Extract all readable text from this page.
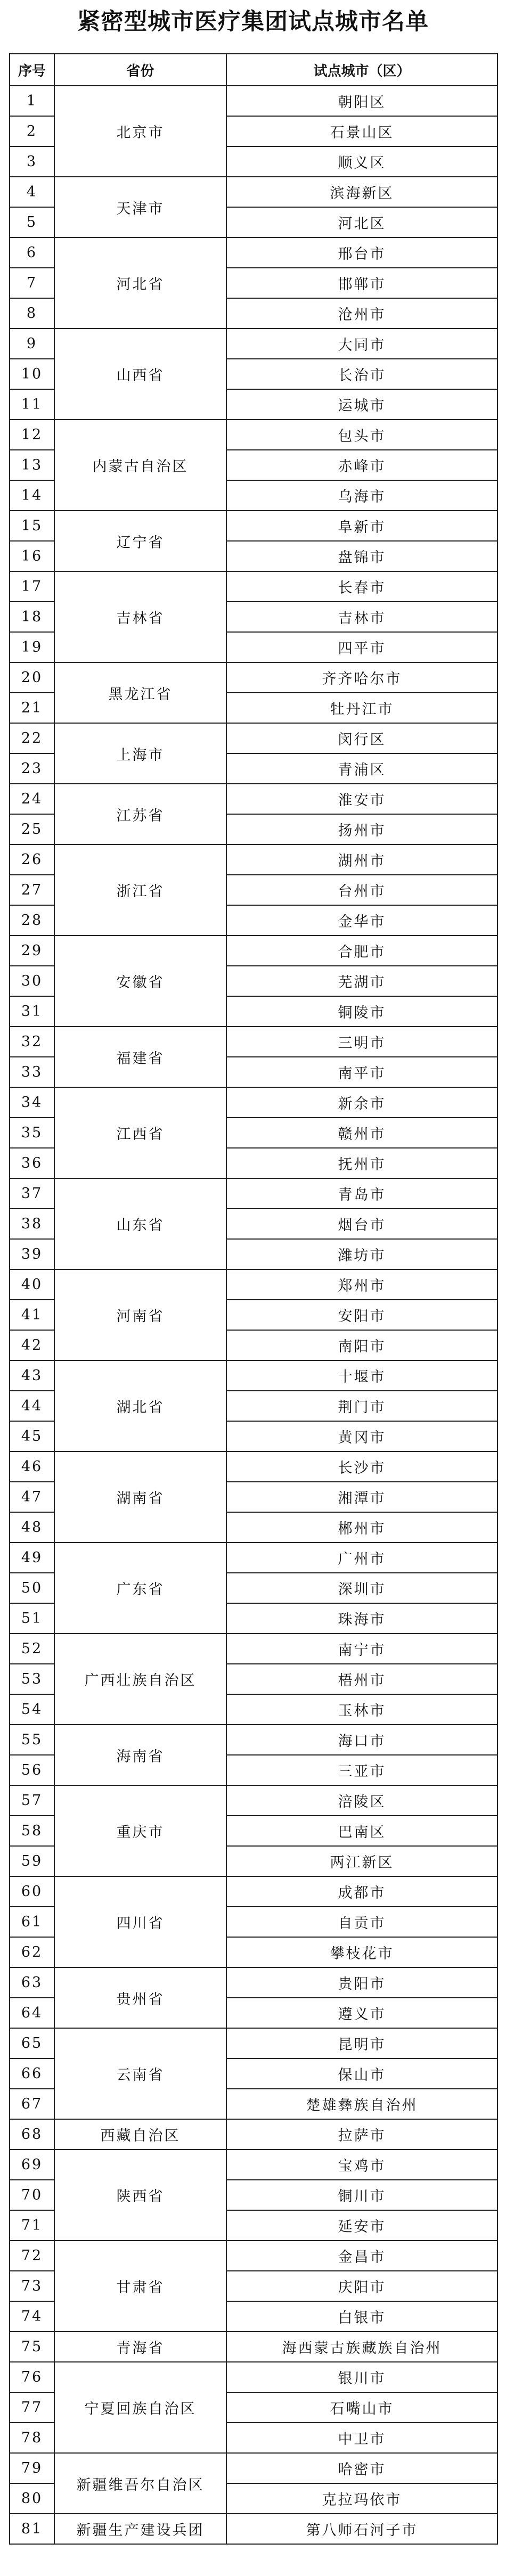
紧密型城市医疗集团试点城市名单
序号	省份	试点城市（区）
1	北京市	朝阳区
2		石景山区
3		顺义区
4	天津市	滨海新区
5		河北区
6	河北省	邢台市
7		邯郸市
8		沧州市
9	山西省	大同市
10		长治市
11		运城市
12	内蒙古自治区	包头市
13		赤峰市
14		乌海市
15	辽宁省	阜新市
16		盘锦市
17	吉林省	长春市
18		吉林市
19		四平市
20	黑龙江省	齐齐哈尔市
21		牡丹江市
22	上海市	闵行区
23		青浦区
24	江苏省	淮安市
25		扬州市
26	浙江省	湖州市
27		台州市
28		金华市
29	安徽省	合肥市
30		芜湖市
31		铜陵市
32	福建省	三明市
33		南平市
34	江西省	新余市
35		赣州市
36		抚州市
37	山东省	青岛市
38		烟台市
39		潍坊市
40	河南省	郑州市
41		安阳市
42		南阳市
43	湖北省	十堰市
44		荆门市
45		黄冈市
46	湖南省	长沙市
47		湘潭市
48		郴州市
49	广东省	广州市
50		深圳市
51		珠海市
52	广西壮族自治区	南宁市
53		梧州市
54		玉林市
55	海南省	海口市
56		三亚市
57	重庆市	涪陵区
58		巴南区
59		两江新区
60	四川省	成都市
61		自贡市
62		攀枝花市
63	贵州省	贵阳市
64		遵义市
65	云南省	昆明市
66		保山市
67		楚雄彝族自治州
68	西藏自治区	拉萨市
69	陕西省	宝鸡市
70		铜川市
71		延安市
72	甘肃省	金昌市
73		庆阳市
74		白银市
75	青海省	海西蒙古族藏族自治州
76	宁夏回族自治区	银川市
77		石嘴山市
78		中卫市
79	新疆维吾尔自治区	哈密市
80		克拉玛依市
81	新疆生产建设兵团	第八师石河子市
